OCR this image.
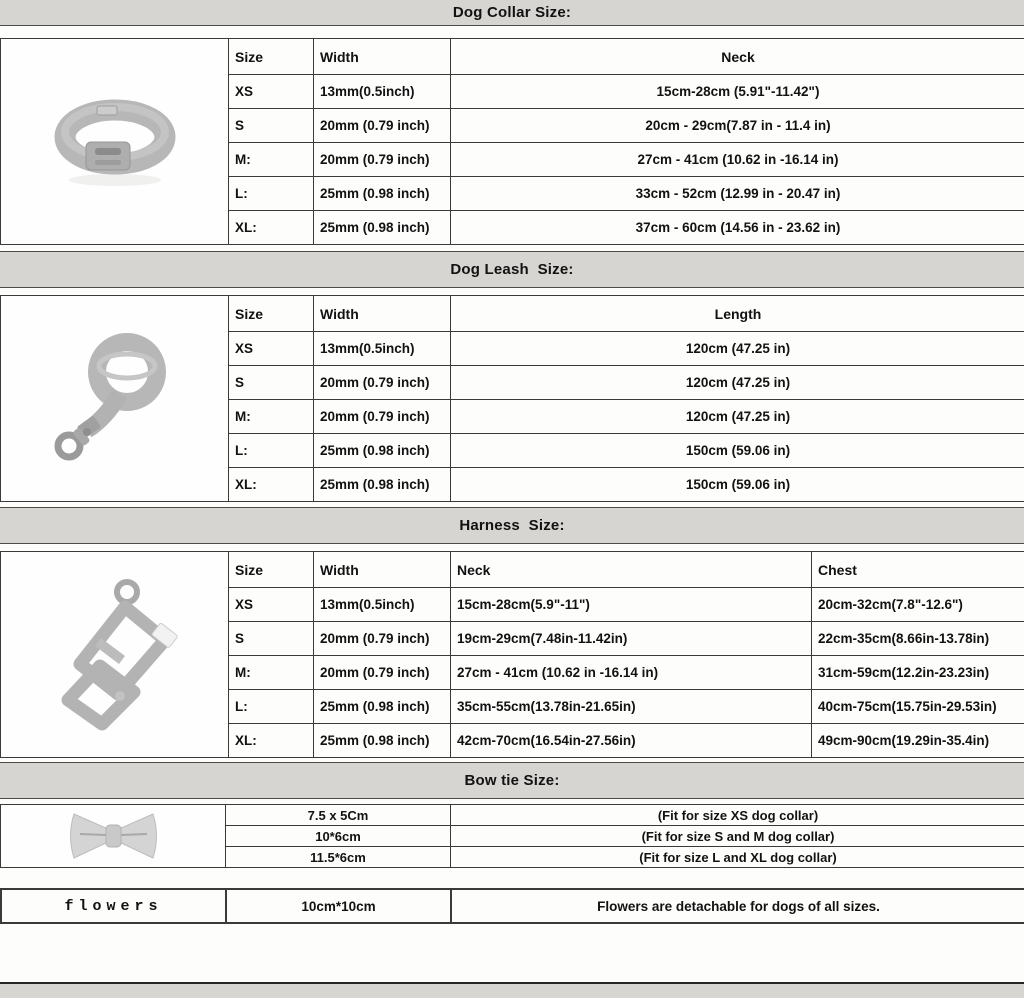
Dog Collar Size:
	Size	Width	Neck
	XS	13mm(0.5inch)	15cm-28cm (5.91"-11.42")
	S	20mm (0.79 inch)	20cm - 29cm(7.87 in - 11.4 in)
	M:	20mm (0.79 inch)	27cm - 41cm (10.62 in -16.14 in)
	L:	25mm (0.98 inch)	33cm - 52cm (12.99 in - 20.47 in)
	XL:	25mm (0.98 inch)	37cm - 60cm (14.56 in - 23.62 in)
Dog Leash  Size:
	Size	Width	Length
	XS	13mm(0.5inch)	120cm (47.25 in)
	S	20mm (0.79 inch)	120cm (47.25 in)
	M:	20mm (0.79 inch)	120cm (47.25 in)
	L:	25mm (0.98 inch)	150cm (59.06 in)
	XL:	25mm (0.98 inch)	150cm (59.06 in)
Harness  Size:
	Size	Width	Neck	Chest
	XS	13mm(0.5inch)	15cm-28cm(5.9"-11")	20cm-32cm(7.8"-12.6")
	S	20mm (0.79 inch)	19cm-29cm(7.48in-11.42in)	22cm-35cm(8.66in-13.78in)
	M:	20mm (0.79 inch)	27cm - 41cm (10.62 in -16.14 in)	31cm-59cm(12.2in-23.23in)
	L:	25mm (0.98 inch)	35cm-55cm(13.78in-21.65in)	40cm-75cm(15.75in-29.53in)
	XL:	25mm (0.98 inch)	42cm-70cm(16.54in-27.56in)	49cm-90cm(19.29in-35.4in)
Bow tie Size:
	7.5 x 5Cm	(Fit for size XS dog collar)
	10*6cm	(Fit for size S and M dog collar)
	11.5*6cm	(Fit for size L and XL dog collar)
flowers	10cm*10cm	Flowers are detachable for dogs of all sizes.
